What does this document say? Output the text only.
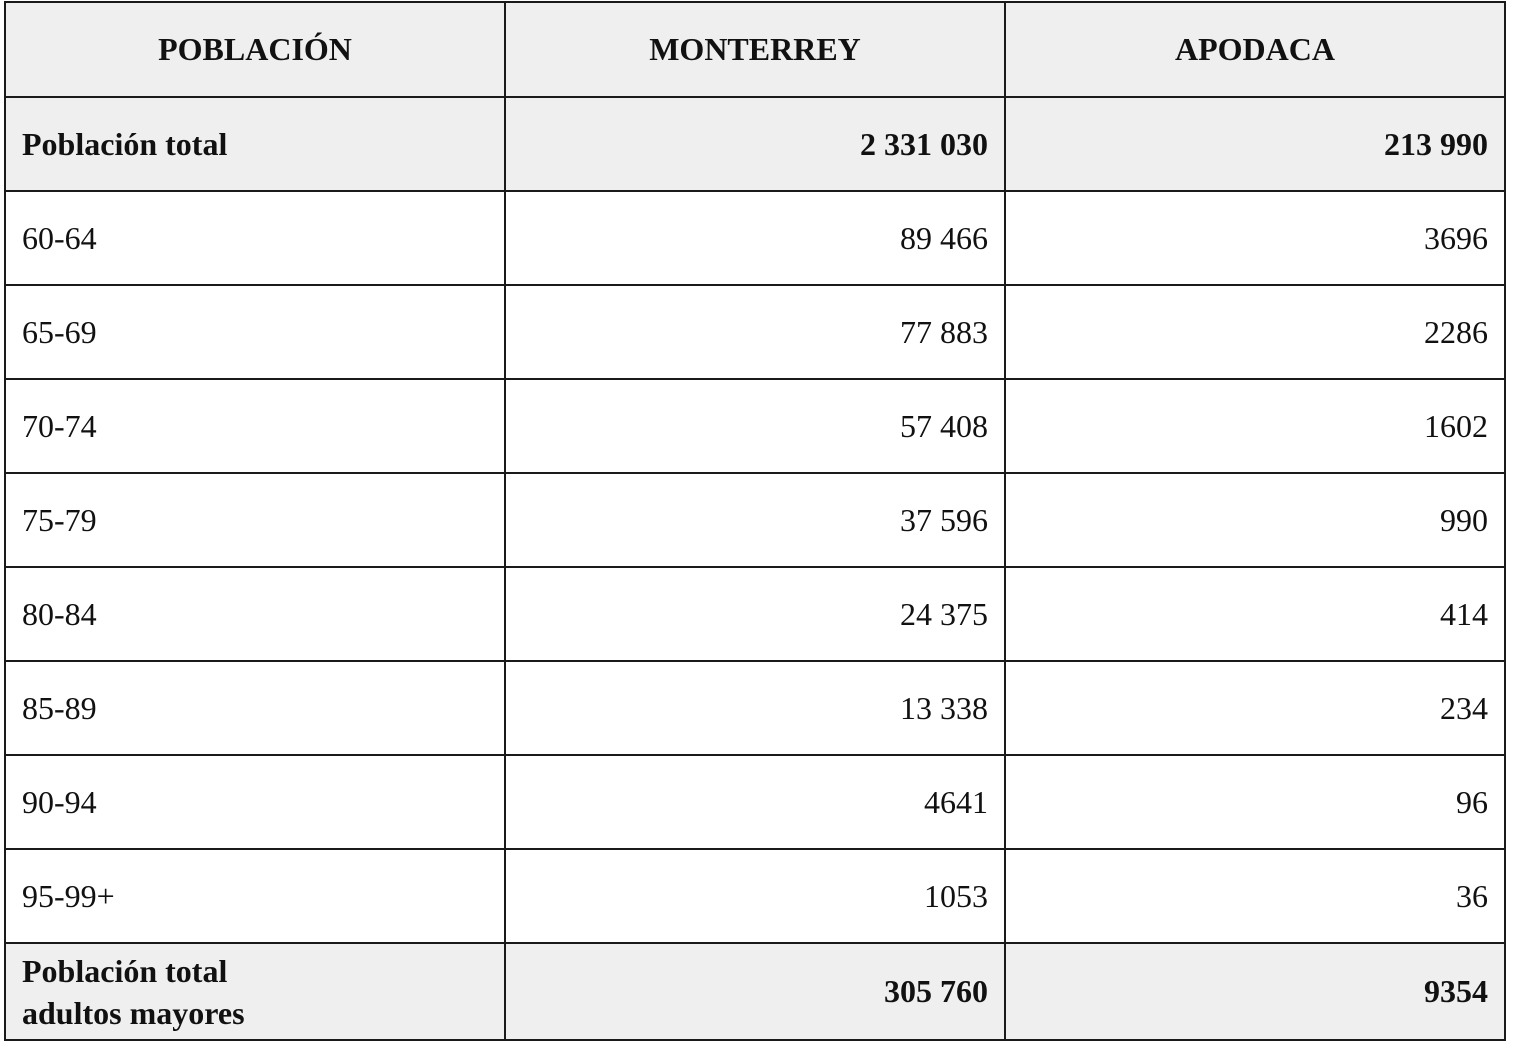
POBLACIÓN	MONTERREY	APODACA
Población total	2 331 030	213 990
60-64	89 466	3696
65-69	77 883	2286
70-74	57 408	1602
75-79	37 596	990
80-84	24 375	414
85-89	13 338	234
90-94	4641	96
95-99+	1053	36

Población total
adultos mayores	305 760	9354
